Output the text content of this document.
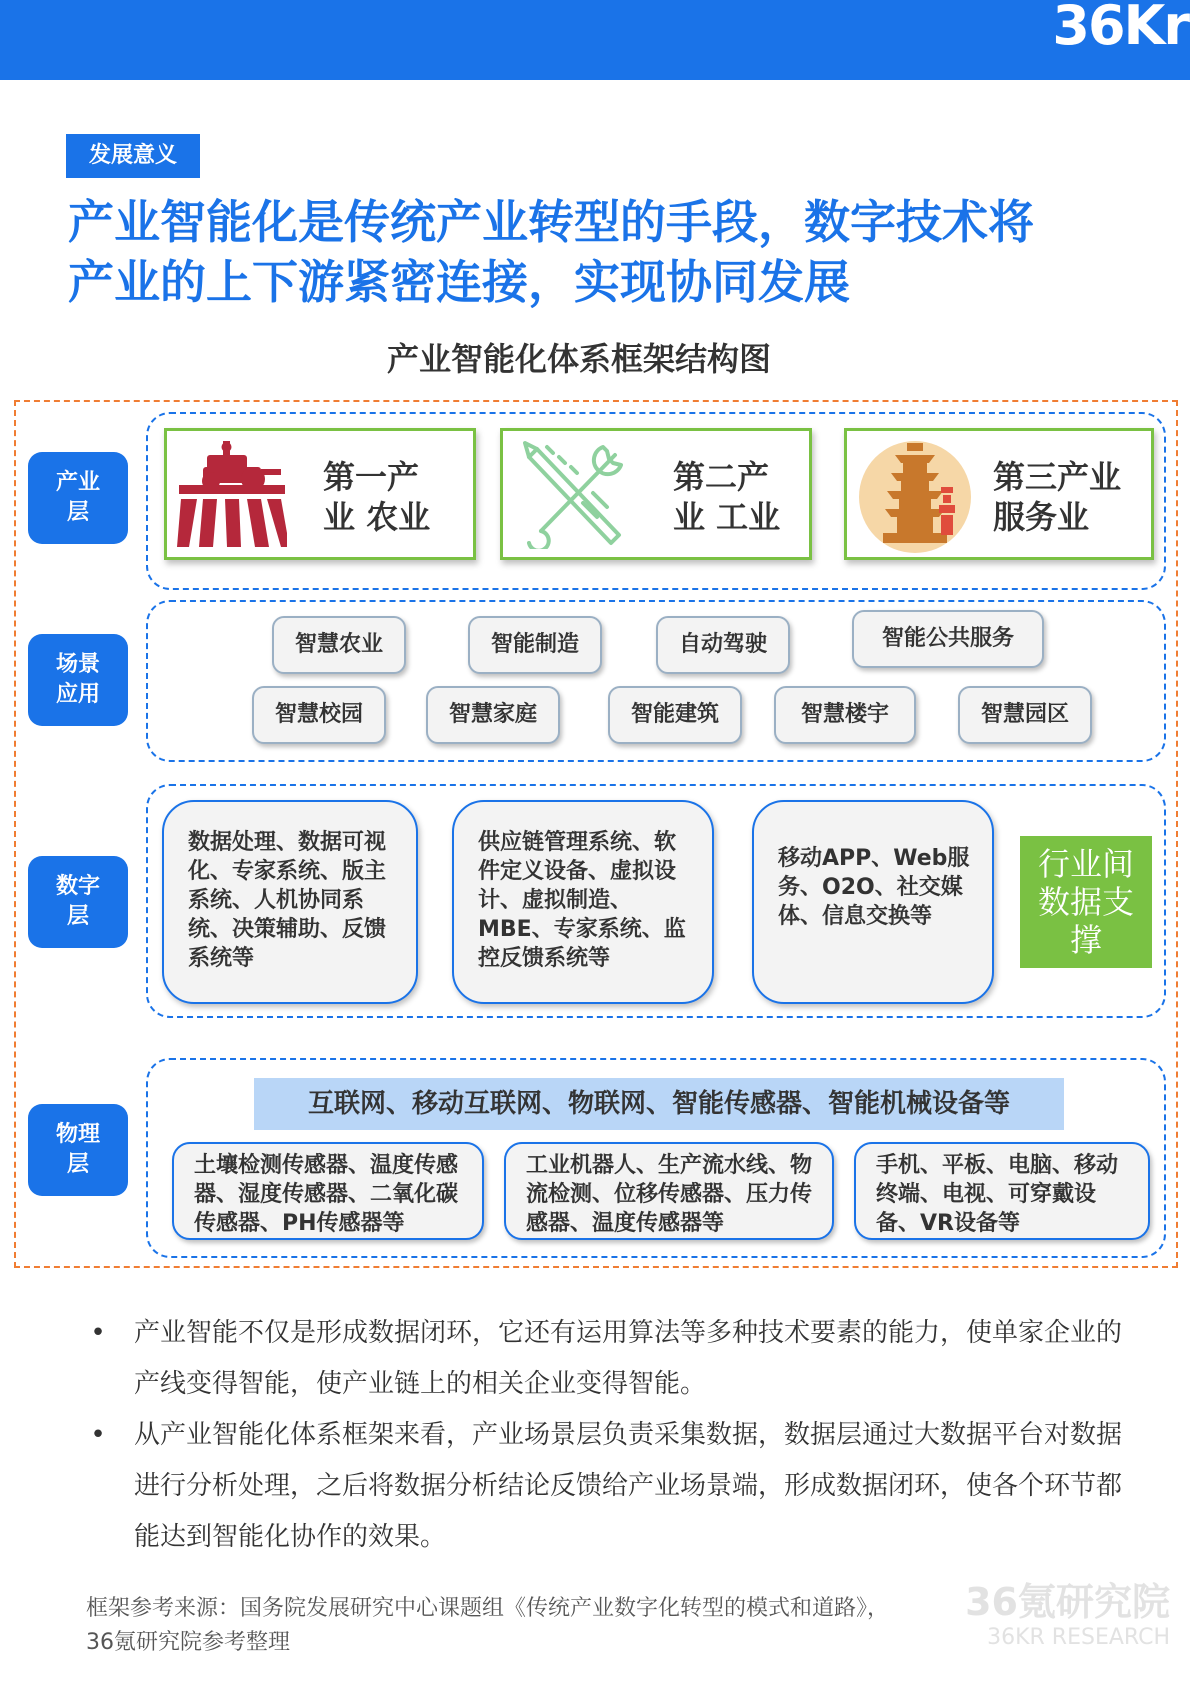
36Kr
发展意义
产业智能化是传统产业转型的手段，数字技术将
产业的上下游紧密连接，实现协同发展
产业智能化体系框架结构图
产业层
场景应用
数字层
物理层
第一产
业 农业
第二产
业 工业
第三产业
服务业
智慧农业	智能制造	自动驾驶	智能公共服务
智慧校园	智慧家庭	智能建筑	智慧楼宇	智慧园区
数据处理、数据可视化、专家系统、版主系统、人机协同系统、决策辅助、反馈系统等
供应链管理系统、软件定义设备、虚拟设计、虚拟制造、MBE、专家系统、监控反馈系统等
移动APP、Web服务、O2O、社交媒体、信息交换等
行业间数据支撑
互联网、移动互联网、物联网、智能传感器、智能机械设备等
土壤检测传感器、温度传感器、湿度传感器、二氧化碳传感器、PH传感器等
工业机器人、生产流水线、物流检测、位移传感器、压力传感器、温度传感器等
手机、平板、电脑、移动终端、电视、可穿戴设备、VR设备等
• 产业智能不仅是形成数据闭环，它还有运用算法等多种技术要素的能力，使单家企业的产线变得智能，使产业链上的相关企业变得智能。
• 从产业智能化体系框架来看，产业场景层负责采集数据，数据层通过大数据平台对数据进行分析处理，之后将数据分析结论反馈给产业场景端，形成数据闭环，使各个环节都能达到智能化协作的效果。
框架参考来源：国务院发展研究中心课题组《传统产业数字化转型的模式和道路》，
36氪研究院参考整理
36氪研究院
36KR RESEARCH
